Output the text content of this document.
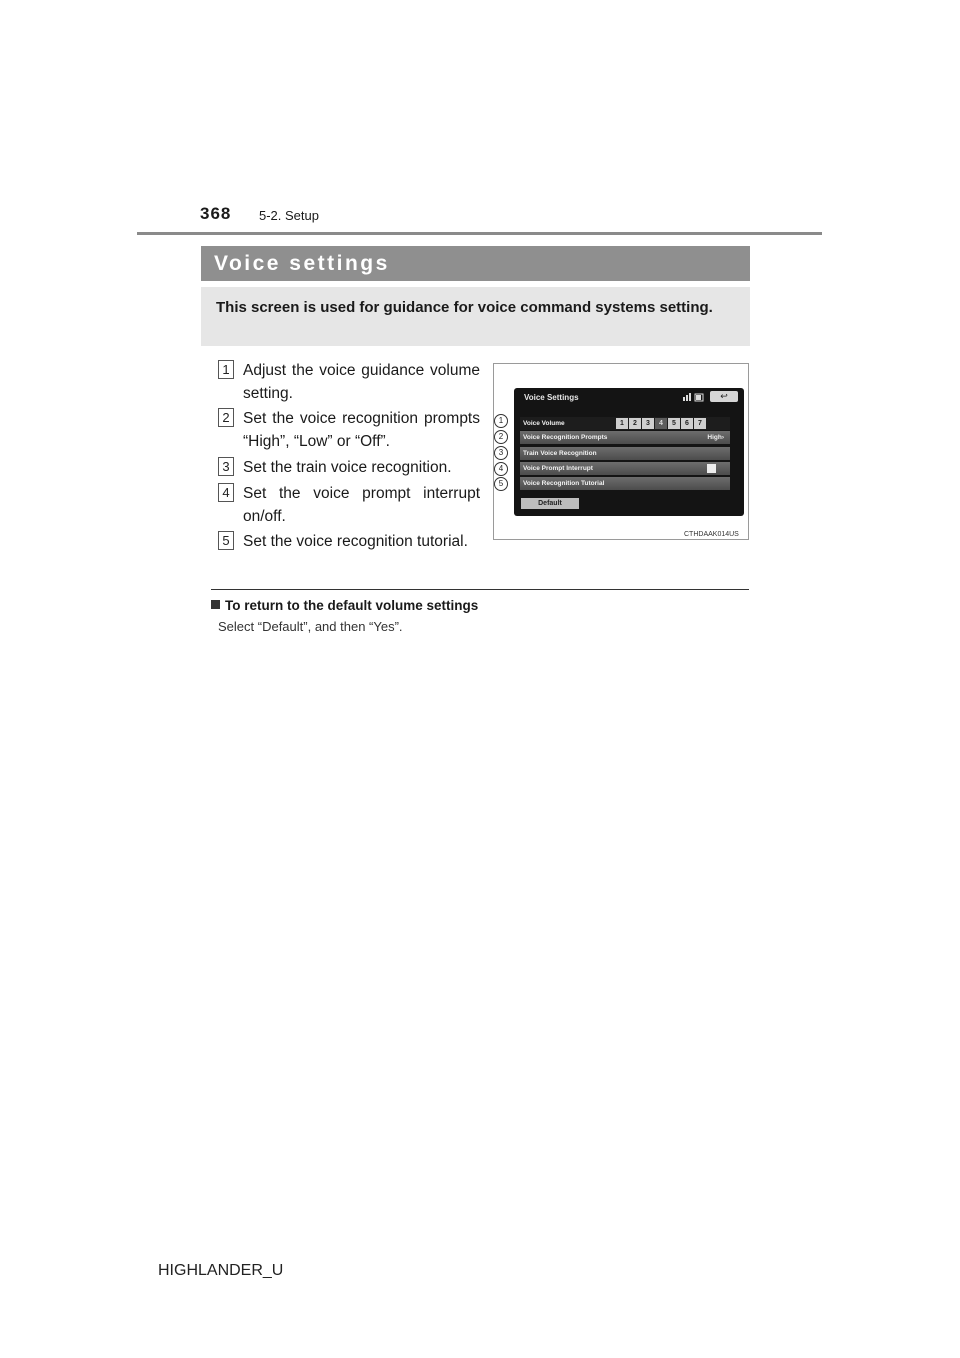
368 5-2. Setup
Voice settings
This screen is used for guidance for voice command systems setting.
1 Adjust the voice guidance volume setting.
2 Set the voice recognition prompts “High”, “Low” or “Off”.
3 Set the train voice recognition.
4 Set the voice prompt interrupt on/off.
5 Set the voice recognition tutorial.
1
2
3
4
5
Voice Settings	↩
Voice Volume	1	2	3	4	5	6	7
Voice Recognition Prompts	High›
Train Voice Recognition
Voice Prompt Interrupt
Voice Recognition Tutorial
Default
CTHDAAK014US
To return to the default volume settings
Select “Default”, and then “Yes”.
HIGHLANDER_U
